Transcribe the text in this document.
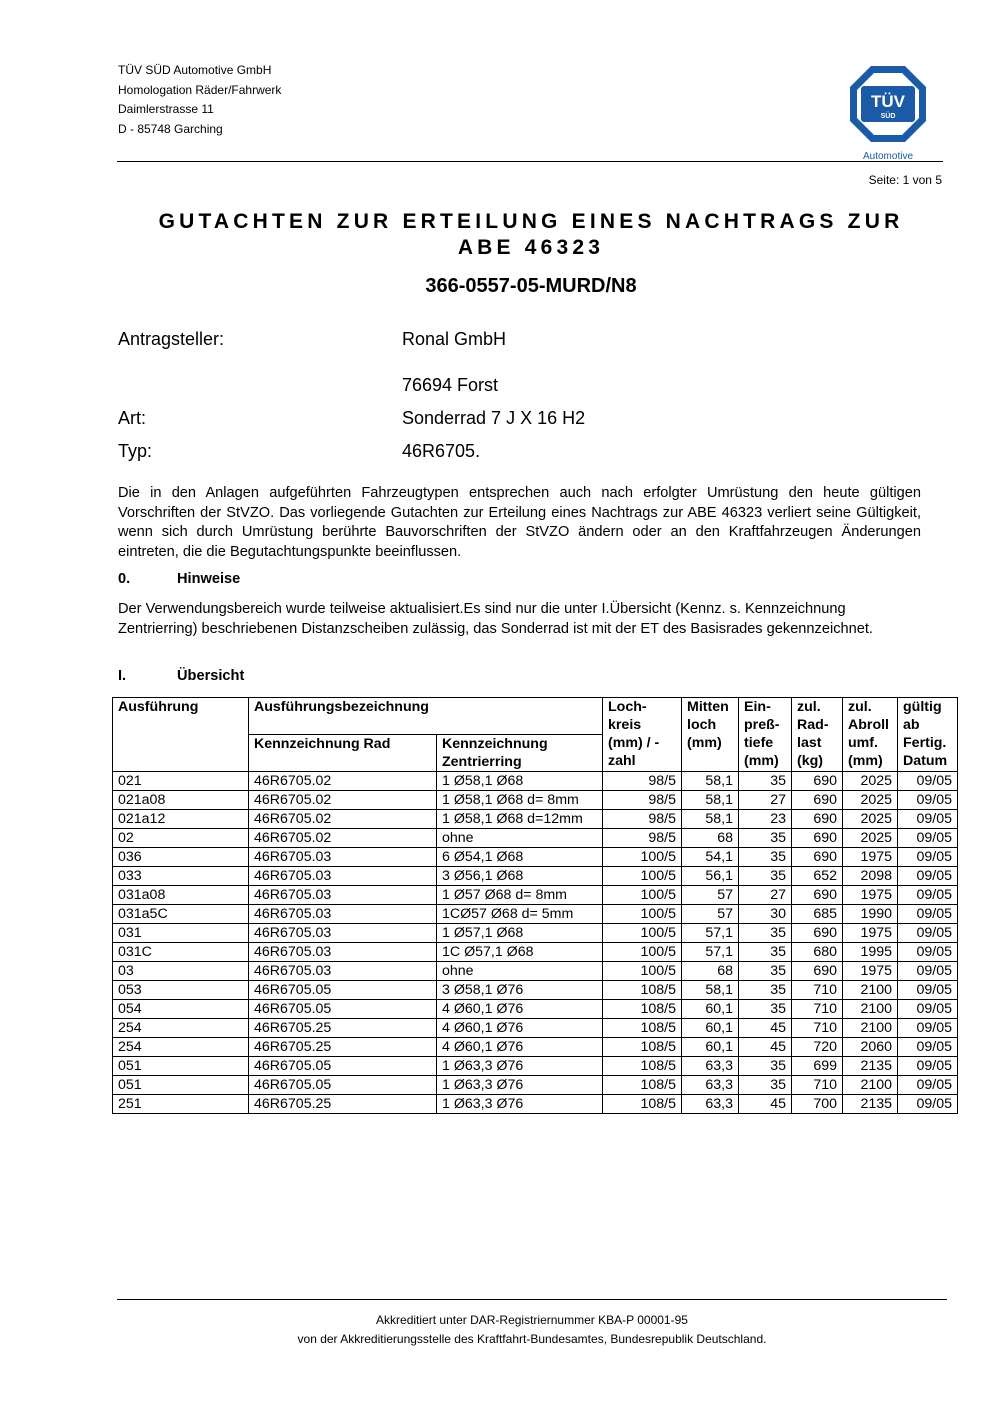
TÜV SÜD Automotive GmbH
Homologation Räder/Fahrwerk
Daimlerstrasse 11
D - 85748 Garching
TÜV
SÜD
Automotive
Seite: 1 von 5
GUTACHTEN ZUR ERTEILUNG EINES NACHTRAGS ZUR
ABE 46323
366-0557-05-MURD/N8
Antragsteller:	Ronal GmbH
76694 Forst
Art:	Sonderrad 7 J X 16 H2
Typ:	46R6705.
Die in den Anlagen aufgeführten Fahrzeugtypen entsprechen auch nach erfolgter Umrüstung den heute gültigen Vorschriften der StVZO. Das vorliegende Gutachten zur Erteilung eines Nachtrags zur ABE 46323 verliert seine Gültigkeit, wenn sich durch Umrüstung berührte Bauvorschriften der StVZO ändern oder an den Kraftfahrzeugen Änderungen eintreten, die die Begutachtungspunkte beeinflussen.
0.	Hinweise
Der Verwendungsbereich wurde teilweise aktualisiert.Es sind nur die unter I.Übersicht (Kennz. s. Kennzeichnung Zentrierring) beschriebenen Distanzscheiben zulässig, das Sonderrad ist mit der ET des Basisrades gekennzeichnet.
I.	Übersicht
Ausführung	Ausführungsbezeichnung		Loch-kreis (mm) / -zahl	Mitten loch (mm)	Ein-preß-tiefe (mm)	zul. Rad-last (kg)	zul. Abroll umf. (mm)	gültig ab Fertig. Datum
	Kennzeichnung Rad	Kennzeichnung Zentrierring						
021	46R6705.02	1 Ø58,1 Ø68	98/5	58,1	35	690	2025	09/05
021a08	46R6705.02	1 Ø58,1 Ø68 d= 8mm	98/5	58,1	27	690	2025	09/05
021a12	46R6705.02	1 Ø58,1 Ø68 d=12mm	98/5	58,1	23	690	2025	09/05
02	46R6705.02	ohne	98/5	68	35	690	2025	09/05
036	46R6705.03	6 Ø54,1 Ø68	100/5	54,1	35	690	1975	09/05
033	46R6705.03	3 Ø56,1 Ø68	100/5	56,1	35	652	2098	09/05
031a08	46R6705.03	1 Ø57 Ø68 d= 8mm	100/5	57	27	690	1975	09/05
031a5C	46R6705.03	1CØ57 Ø68 d= 5mm	100/5	57	30	685	1990	09/05
031	46R6705.03	1 Ø57,1 Ø68	100/5	57,1	35	690	1975	09/05
031C	46R6705.03	1C Ø57,1 Ø68	100/5	57,1	35	680	1995	09/05
03	46R6705.03	ohne	100/5	68	35	690	1975	09/05
053	46R6705.05	3 Ø58,1 Ø76	108/5	58,1	35	710	2100	09/05
054	46R6705.05	4 Ø60,1 Ø76	108/5	60,1	35	710	2100	09/05
254	46R6705.25	4 Ø60,1 Ø76	108/5	60,1	45	710	2100	09/05
254	46R6705.25	4 Ø60,1 Ø76	108/5	60,1	45	720	2060	09/05
051	46R6705.05	1 Ø63,3 Ø76	108/5	63,3	35	699	2135	09/05
051	46R6705.05	1 Ø63,3 Ø76	108/5	63,3	35	710	2100	09/05
251	46R6705.25	1 Ø63,3 Ø76	108/5	63,3	45	700	2135	09/05
Akkreditiert unter DAR-Registriernummer KBA-P 00001-95
von der Akkreditierungsstelle des Kraftfahrt-Bundesamtes, Bundesrepublik Deutschland.
